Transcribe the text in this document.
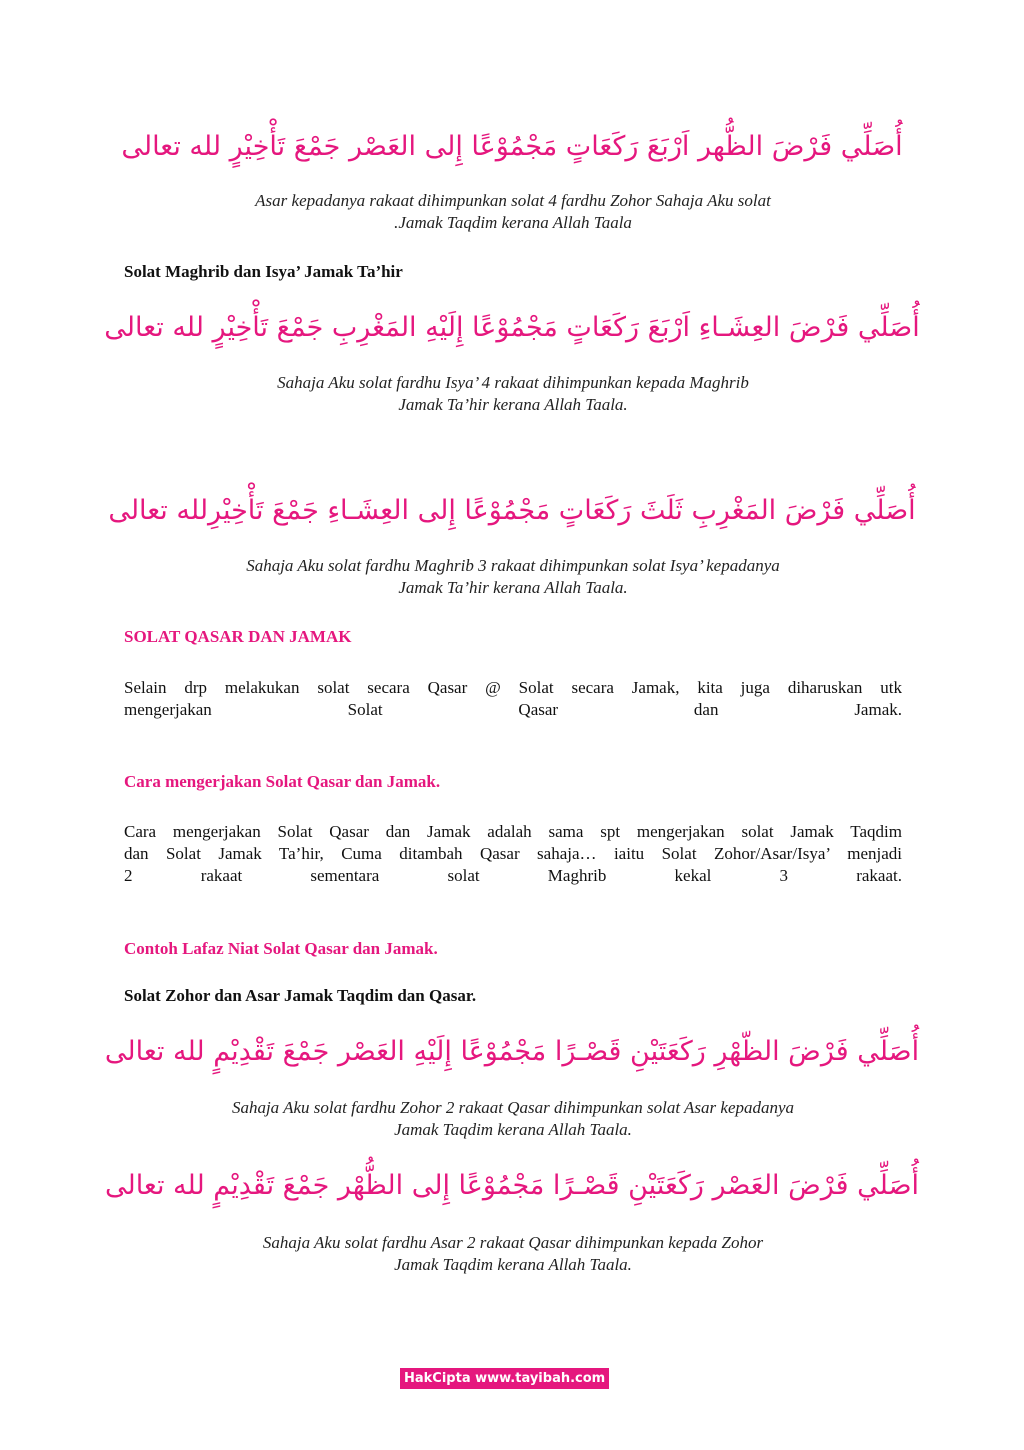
أُصَلِّي فَرْضَ الظُّهر اَرْبَعَ رَكَعَاتٍ مَجْمُوْعًا إِلى العَصْر جَمْعَ تَأْخِيْرٍ لله تعالى
Asar kepadanya rakaat dihimpunkan solat 4 fardhu Zohor Sahaja Aku solat
.Jamak Taqdim kerana Allah Taala
Solat Maghrib dan Isya’ Jamak Ta’hir
أُصَلِّي فَرْضَ العِشَـاءِ اَرْبَعَ رَكَعَاتٍ مَجْمُوْعًا إِلَيْهِ المَغْرِبِ جَمْعَ تَأْخِيْرٍ لله تعالى
Sahaja Aku solat fardhu Isya’ 4 rakaat dihimpunkan kepada Maghrib
Jamak Ta’hir kerana Allah Taala.
أُصَلِّي فَرْضَ المَغْرِبِ ثَلَثَ رَكَعَاتٍ مَجْمُوْعًا إِلى العِشَـاءِ جَمْعَ تَأْخِيْرِلله تعالى
Sahaja Aku solat fardhu Maghrib 3 rakaat dihimpunkan solat Isya’ kepadanya
Jamak Ta’hir kerana Allah Taala.
SOLAT QASAR DAN JAMAK
Selain drp melakukan solat secara Qasar @ Solat secara Jamak, kita juga diharuskan utk
mengerjakan Solat Qasar dan Jamak.
Cara mengerjakan Solat Qasar dan Jamak.
Cara mengerjakan Solat Qasar dan Jamak adalah sama spt mengerjakan solat Jamak Taqdim
dan Solat Jamak Ta’hir, Cuma ditambah Qasar sahaja… iaitu Solat Zohor/Asar/Isya’ menjadi
2 rakaat sementara solat Maghrib kekal 3 rakaat.
Contoh Lafaz Niat Solat Qasar dan Jamak.
Solat Zohor dan Asar Jamak Taqdim dan Qasar.
أُصَلِّي فَرْضَ الظّهْرِ رَكَعَتَيْنِ قَصْـرًا مَجْمُوْعًا إِلَيْهِ العَصْر جَمْعَ تَقْدِيْمٍ لله تعالى
Sahaja Aku solat fardhu Zohor 2 rakaat Qasar dihimpunkan solat Asar kepadanya
Jamak Taqdim kerana Allah Taala.
أُصَلِّي فَرْضَ العَصْر رَكَعَتَيْنِ قَصْـرًا مَجْمُوْعًا إِلى الظُّهْر جَمْعَ تَقْدِيْمٍ لله تعالى
Sahaja Aku solat fardhu Asar 2 rakaat Qasar dihimpunkan kepada Zohor
Jamak Taqdim kerana Allah Taala.
HakCipta www.tayibah.com
